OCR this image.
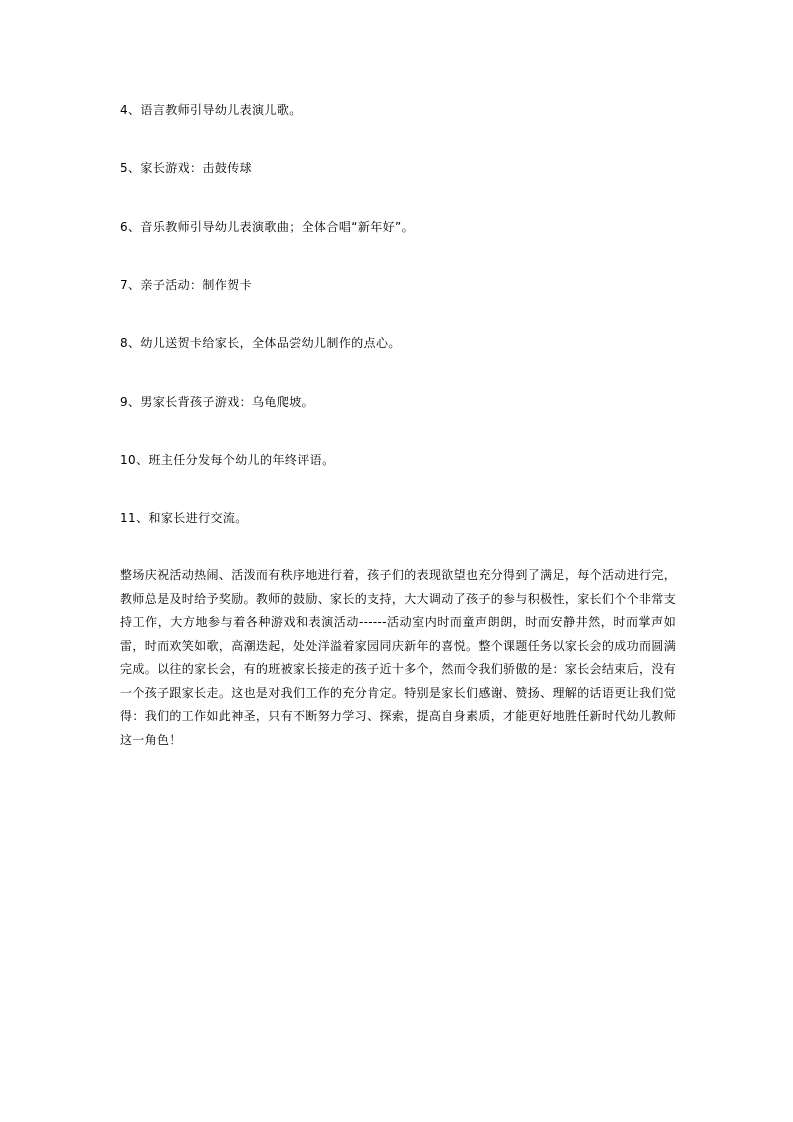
4、语言教师引导幼儿表演儿歌。
5、家长游戏：击鼓传球
6、音乐教师引导幼儿表演歌曲；全体合唱“新年好”。
7、亲子活动：制作贺卡
8、幼儿送贺卡给家长，全体品尝幼儿制作的点心。
9、男家长背孩子游戏：乌龟爬坡。
10、班主任分发每个幼儿的年终评语。
11、和家长进行交流。
整场庆祝活动热闹、活泼而有秩序地进行着，孩子们的表现欲望也充分得到了满足，每个活动进行完，教师总是及时给予奖励。教师的鼓励、家长的支持，大大调动了孩子的参与积极性，家长们个个非常支持工作，大方地参与着各种游戏和表演活动------活动室内时而童声朗朗，时而安静井然，时而掌声如雷，时而欢笑如歌，高潮迭起，处处洋溢着家园同庆新年的喜悦。整个课题任务以家长会的成功而圆满完成。以往的家长会，有的班被家长接走的孩子近十多个，然而令我们骄傲的是：家长会结束后，没有一个孩子跟家长走。这也是对我们工作的充分肯定。特别是家长们感谢、赞扬、理解的话语更让我们觉得：我们的工作如此神圣，只有不断努力学习、探索，提高自身素质，才能更好地胜任新时代幼儿教师这一角色！
